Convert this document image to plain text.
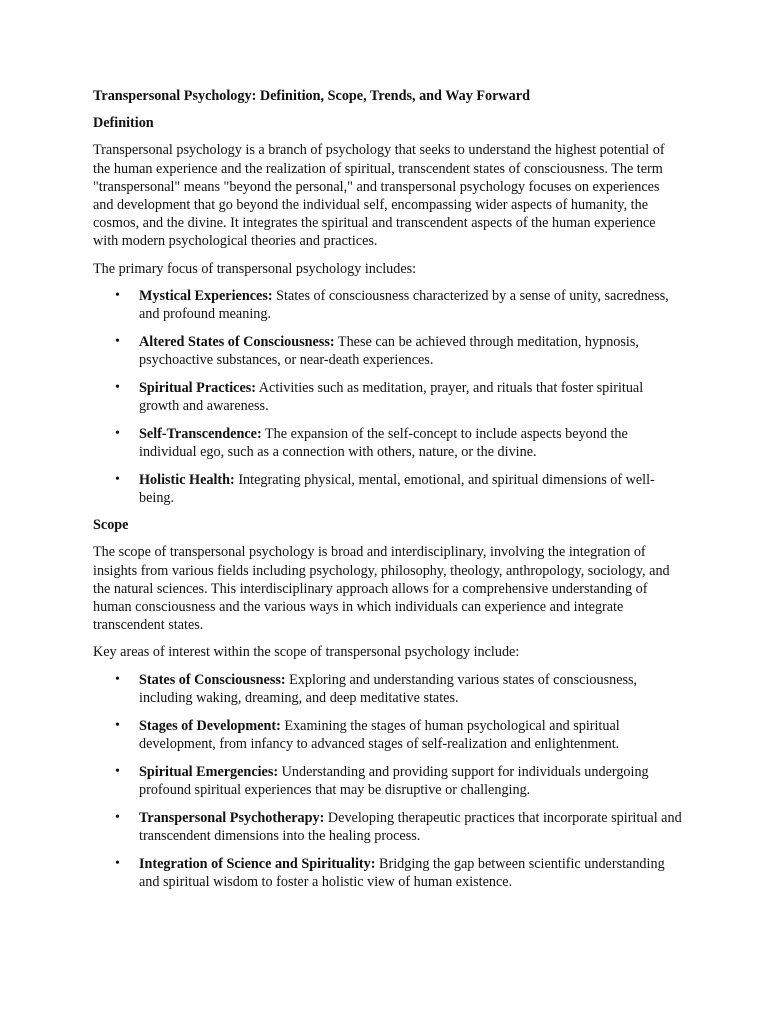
Transpersonal Psychology: Definition, Scope, Trends, and Way Forward
Definition

Transpersonal psychology is a branch of psychology that seeks to understand the highest potential of the human experience and the realization of spiritual, transcendent states of consciousness. The term "transpersonal" means "beyond the personal," and transpersonal psychology focuses on experiences and development that go beyond the individual self, encompassing wider aspects of humanity, the cosmos, and the divine. It integrates the spiritual and transcendent aspects of the human experience with modern psychological theories and practices.

The primary focus of transpersonal psychology includes:

• Mystical Experiences: States of consciousness characterized by a sense of unity, sacredness, and profound meaning.
• Altered States of Consciousness: These can be achieved through meditation, hypnosis, psychoactive substances, or near-death experiences.
• Spiritual Practices: Activities such as meditation, prayer, and rituals that foster spiritual growth and awareness.
• Self-Transcendence: The expansion of the self-concept to include aspects beyond the individual ego, such as a connection with others, nature, or the divine.
• Holistic Health: Integrating physical, mental, emotional, and spiritual dimensions of well-being.
Scope

The scope of transpersonal psychology is broad and interdisciplinary, involving the integration of insights from various fields including psychology, philosophy, theology, anthropology, sociology, and the natural sciences. This interdisciplinary approach allows for a comprehensive understanding of human consciousness and the various ways in which individuals can experience and integrate transcendent states.

Key areas of interest within the scope of transpersonal psychology include:

• States of Consciousness: Exploring and understanding various states of consciousness, including waking, dreaming, and deep meditative states.
• Stages of Development: Examining the stages of human psychological and spiritual development, from infancy to advanced stages of self-realization and enlightenment.
• Spiritual Emergencies: Understanding and providing support for individuals undergoing profound spiritual experiences that may be disruptive or challenging.
• Transpersonal Psychotherapy: Developing therapeutic practices that incorporate spiritual and transcendent dimensions into the healing process.
• Integration of Science and Spirituality: Bridging the gap between scientific understanding and spiritual wisdom to foster a holistic view of human existence.
